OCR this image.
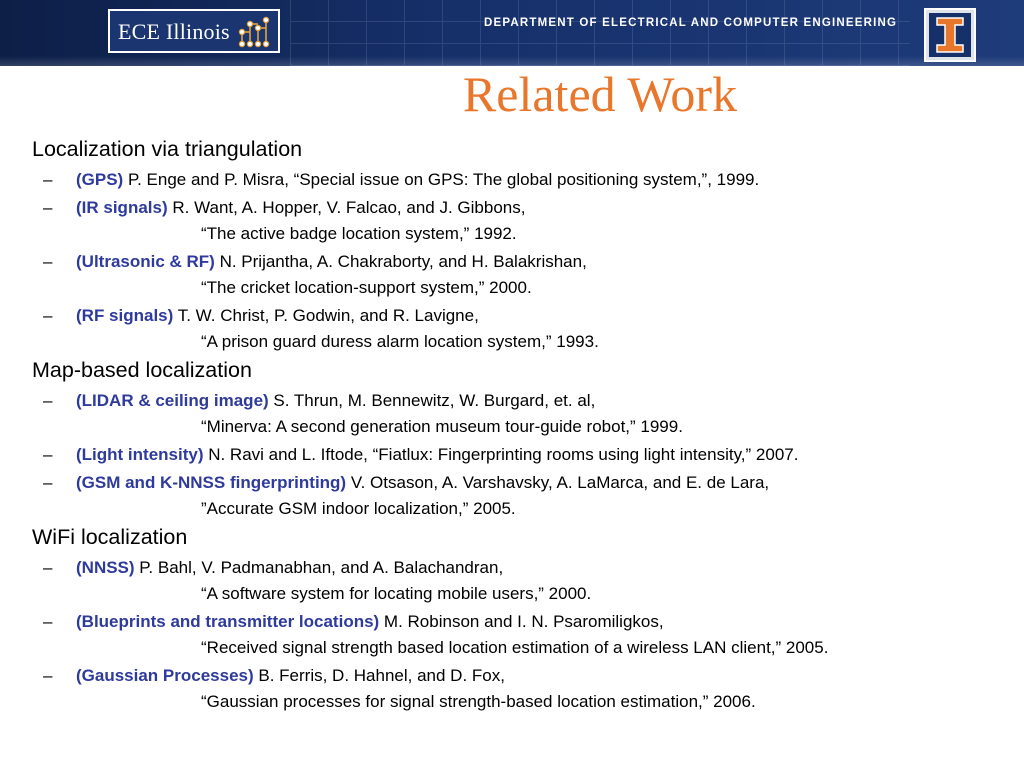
ECE Illinois	DEPARTMENT OF ELECTRICAL AND COMPUTER ENGINEERING
Related Work
Localization via triangulation
– (GPS) P. Enge and P. Misra, “Special issue on GPS: The global positioning system,”, 1999.
– (IR signals) R. Want, A. Hopper, V. Falcao, and J. Gibbons,
“The active badge location system,” 1992.
– (Ultrasonic & RF) N. Prijantha, A. Chakraborty, and H. Balakrishan,
“The cricket location-support system,” 2000.
– (RF signals) T. W. Christ, P. Godwin, and R. Lavigne,
“A prison guard duress alarm location system,” 1993.
Map-based localization
– (LIDAR & ceiling image) S. Thrun, M. Bennewitz, W. Burgard, et. al,
“Minerva: A second generation museum tour-guide robot,” 1999.
– (Light intensity) N. Ravi and L. Iftode, “Fiatlux: Fingerprinting rooms using light intensity,” 2007.
– (GSM and K-NNSS fingerprinting) V. Otsason, A. Varshavsky, A. LaMarca, and E. de Lara,
”Accurate GSM indoor localization,” 2005.
WiFi localization
– (NNSS) P. Bahl, V. Padmanabhan, and A. Balachandran,
“A software system for locating mobile users,” 2000.
– (Blueprints and transmitter locations) M. Robinson and I. N. Psaromiligkos,
“Received signal strength based location estimation of a wireless LAN client,” 2005.
– (Gaussian Processes) B. Ferris, D. Hahnel, and D. Fox,
“Gaussian processes for signal strength-based location estimation,” 2006.
